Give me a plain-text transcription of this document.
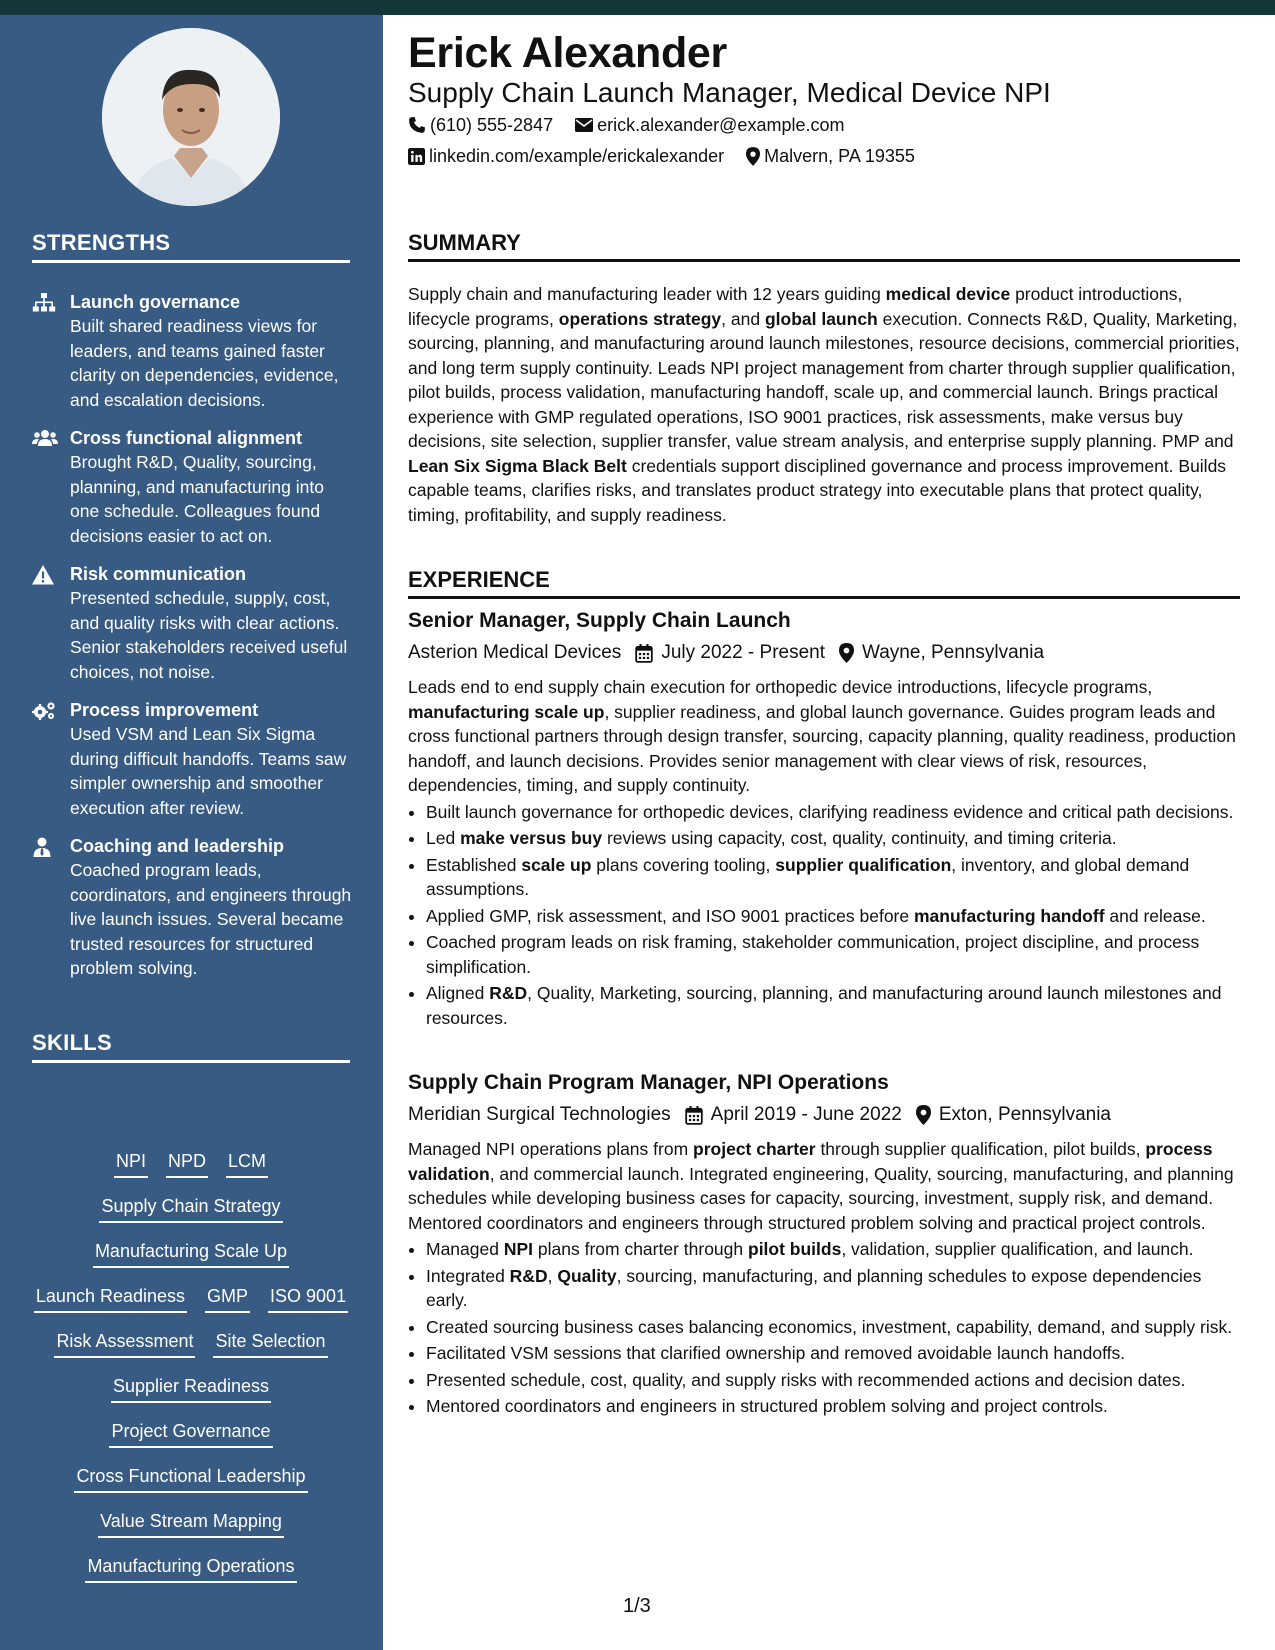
STRENGTHS
Launch governance
Built shared readiness views for leaders, and teams gained faster clarity on dependencies, evidence, and escalation decisions.
Cross functional alignment
Brought R&D, Quality, sourcing, planning, and manufacturing into one schedule. Colleagues found decisions easier to act on.
Risk communication
Presented schedule, supply, cost, and quality risks with clear actions. Senior stakeholders received useful choices, not noise.
Process improvement
Used VSM and Lean Six Sigma during difficult handoffs. Teams saw simpler ownership and smoother execution after review.
Coaching and leadership
Coached program leads, coordinators, and engineers through live launch issues. Several became trusted resources for structured problem solving.
SKILLS
NPI NPD LCM
Supply Chain Strategy
Manufacturing Scale Up
Launch Readiness GMP ISO 9001
Risk Assessment Site Selection
Supplier Readiness
Project Governance
Cross Functional Leadership
Value Stream Mapping
Manufacturing Operations
Erick Alexander
Supply Chain Launch Manager, Medical Device NPI
(610) 555-2847 erick.alexander@example.com
linkedin.com/example/erickalexander Malvern, PA 19355
SUMMARY
Supply chain and manufacturing leader with 12 years guiding medical device product introductions, lifecycle programs, operations strategy, and global launch execution. Connects R&D, Quality, Marketing, sourcing, planning, and manufacturing around launch milestones, resource decisions, commercial priorities, and long term supply continuity. Leads NPI project management from charter through supplier qualification, pilot builds, process validation, manufacturing handoff, scale up, and commercial launch. Brings practical experience with GMP regulated operations, ISO 9001 practices, risk assessments, make versus buy decisions, site selection, supplier transfer, value stream analysis, and enterprise supply planning. PMP and Lean Six Sigma Black Belt credentials support disciplined governance and process improvement. Builds capable teams, clarifies risks, and translates product strategy into executable plans that protect quality, timing, profitability, and supply readiness.
EXPERIENCE
Senior Manager, Supply Chain Launch
Asterion Medical Devices July 2022 - Present Wayne, Pennsylvania
Leads end to end supply chain execution for orthopedic device introductions, lifecycle programs, manufacturing scale up, supplier readiness, and global launch governance. Guides program leads and cross functional partners through design transfer, sourcing, capacity planning, quality readiness, production handoff, and launch decisions. Provides senior management with clear views of risk, resources, dependencies, timing, and supply continuity.
• Built launch governance for orthopedic devices, clarifying readiness evidence and critical path decisions.
• Led make versus buy reviews using capacity, cost, quality, continuity, and timing criteria.
• Established scale up plans covering tooling, supplier qualification, inventory, and global demand assumptions.
• Applied GMP, risk assessment, and ISO 9001 practices before manufacturing handoff and release.
• Coached program leads on risk framing, stakeholder communication, project discipline, and process simplification.
• Aligned R&D, Quality, Marketing, sourcing, planning, and manufacturing around launch milestones and resources.
Supply Chain Program Manager, NPI Operations
Meridian Surgical Technologies April 2019 - June 2022 Exton, Pennsylvania
Managed NPI operations plans from project charter through supplier qualification, pilot builds, process validation, and commercial launch. Integrated engineering, Quality, sourcing, manufacturing, and planning schedules while developing business cases for capacity, sourcing, investment, supply risk, and demand. Mentored coordinators and engineers through structured problem solving and practical project controls.
• Managed NPI plans from charter through pilot builds, validation, supplier qualification, and launch.
• Integrated R&D, Quality, sourcing, manufacturing, and planning schedules to expose dependencies early.
• Created sourcing business cases balancing economics, investment, capability, demand, and supply risk.
• Facilitated VSM sessions that clarified ownership and removed avoidable launch handoffs.
• Presented schedule, cost, quality, and supply risks with recommended actions and decision dates.
• Mentored coordinators and engineers in structured problem solving and project controls.
1/3
